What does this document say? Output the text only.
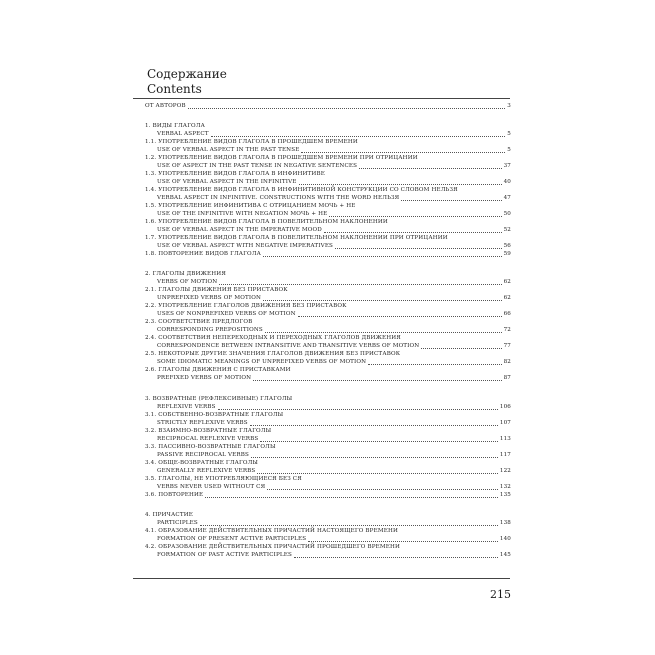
Содержание
Contents
ОТ АВТОРОВ	3
1. ВИДЫ ГЛАГОЛА
VERBAL ASPECT	5
1.1. УПОТРЕБЛЕНИЕ ВИДОВ ГЛАГОЛА В ПРОШЕДШЕМ ВРЕМЕНИ
USE OF VERBAL ASPECT IN THE PAST TENSE	5
1.2. УПОТРЕБЛЕНИЕ ВИДОВ ГЛАГОЛА В ПРОШЕДШЕМ ВРЕМЕНИ ПРИ ОТРИЦАНИИ
USE OF ASPECT IN THE PAST TENSE IN NEGATIVE SENTENCES	37
1.3. УПОТРЕБЛЕНИЕ ВИДОВ ГЛАГОЛА В ИНФИНИТИВЕ
USE OF VERBAL ASPECT IN THE INFINITIVE	40
1.4. УПОТРЕБЛЕНИЕ ВИДОВ ГЛАГОЛА В ИНФИНИТИВНОЙ КОНСТРУКЦИИ СО СЛОВОМ НЕЛЬЗЯ
VERBAL ASPECT IN INFINITIVE. CONSTRUCTIONS WITH THE WORD НЕЛЬЗЯ	47
1.5. УПОТРЕБЛЕНИЕ ИНФИНИТИВА С ОТРИЦАНИЕМ МОЧЬ + НЕ
USE OF THE INFINITIVE WITH NEGATION МОЧЬ + НЕ	50
1.6. УПОТРЕБЛЕНИЕ ВИДОВ ГЛАГОЛА В ПОВЕЛИТЕЛЬНОМ НАКЛОНЕНИИ
USE OF VERBAL ASPECT IN THE IMPERATIVE MOOD	52
1.7. УПОТРЕБЛЕНИЕ ВИДОВ ГЛАГОЛА В ПОВЕЛИТЕЛЬНОМ НАКЛОНЕНИИ ПРИ ОТРИЦАНИИ
USE OF VERBAL ASPECT WITH NEGATIVE IMPERATIVES	56
1.8. ПОВТОРЕНИЕ ВИДОВ ГЛАГОЛА	59
2. ГЛАГОЛЫ ДВИЖЕНИЯ
VERBS OF MOTION	62
2.1. ГЛАГОЛЫ ДВИЖЕНИЯ БЕЗ ПРИСТАВОК
UNPREFIXED VERBS OF MOTION	62
2.2. УПОТРЕБЛЕНИЕ ГЛАГОЛОВ ДВИЖЕНИЯ БЕЗ ПРИСТАВОК
USES OF NONPREFIXED VERBS OF MOTION	66
2.3. СООТВЕТСТВИЕ ПРЕДЛОГОВ
CORRESPONDING PREPOSITIONS	72
2.4. СООТВЕТСТВИЯ НЕПЕРЕХОДНЫХ И ПЕРЕХОДНЫХ ГЛАГОЛОВ ДВИЖЕНИЯ
CORRESPONDENCE BETWEEN INTRANSITIVE AND TRANSITIVE VERBS OF MOTION	77
2.5. НЕКОТОРЫЕ ДРУГИЕ ЗНАЧЕНИЯ ГЛАГОЛОВ ДВИЖЕНИЯ БЕЗ ПРИСТАВОК
SOME IDIOMATIC MEANINGS OF UNPREFIXED VERBS OF MOTION	82
2.6. ГЛАГОЛЫ ДВИЖЕНИЯ С ПРИСТАВКАМИ
PREFIXED VERBS OF MOTION	87
3. ВОЗВРАТНЫЕ (РЕФЛЕКСИВНЫЕ) ГЛАГОЛЫ
REFLEXIVE VERBS	106
3.1. СОБСТВЕННО-ВОЗВРАТНЫЕ ГЛАГОЛЫ
STRICTLY REFLEXIVE VERBS	107
3.2. ВЗАИМНО-ВОЗВРАТНЫЕ ГЛАГОЛЫ
RECIPROCAL REFLEXIVE VERBS	113
3.3. ПАССИВНО-ВОЗВРАТНЫЕ ГЛАГОЛЫ
PASSIVE RECIPROCAL VERBS	117
3.4. ОБЩЕ-ВОЗВРАТНЫЕ ГЛАГОЛЫ
GENERALLY REFLEXIVE VERBS	122
3.5. ГЛАГОЛЫ, НЕ УПОТРЕБЛЯЮЩИЕСЯ БЕЗ СЯ
VERBS NEVER USED WITHOUT СЯ	132
3.6. ПОВТОРЕНИЕ	135
4. ПРИЧАСТИЕ
PARTICIPLES	138
4.1. ОБРАЗОВАНИЕ ДЕЙСТВИТЕЛЬНЫХ ПРИЧАСТИЙ НАСТОЯЩЕГО ВРЕМЕНИ
FORMATION OF PRESENT ACTIVE PARTICIPLES	140
4.2. ОБРАЗОВАНИЕ ДЕЙСТВИТЕЛЬНЫХ ПРИЧАСТИЙ ПРОШЕДШЕГО ВРЕМЕНИ
FORMATION OF PAST ACTIVE PARTICIPLES	145
215
